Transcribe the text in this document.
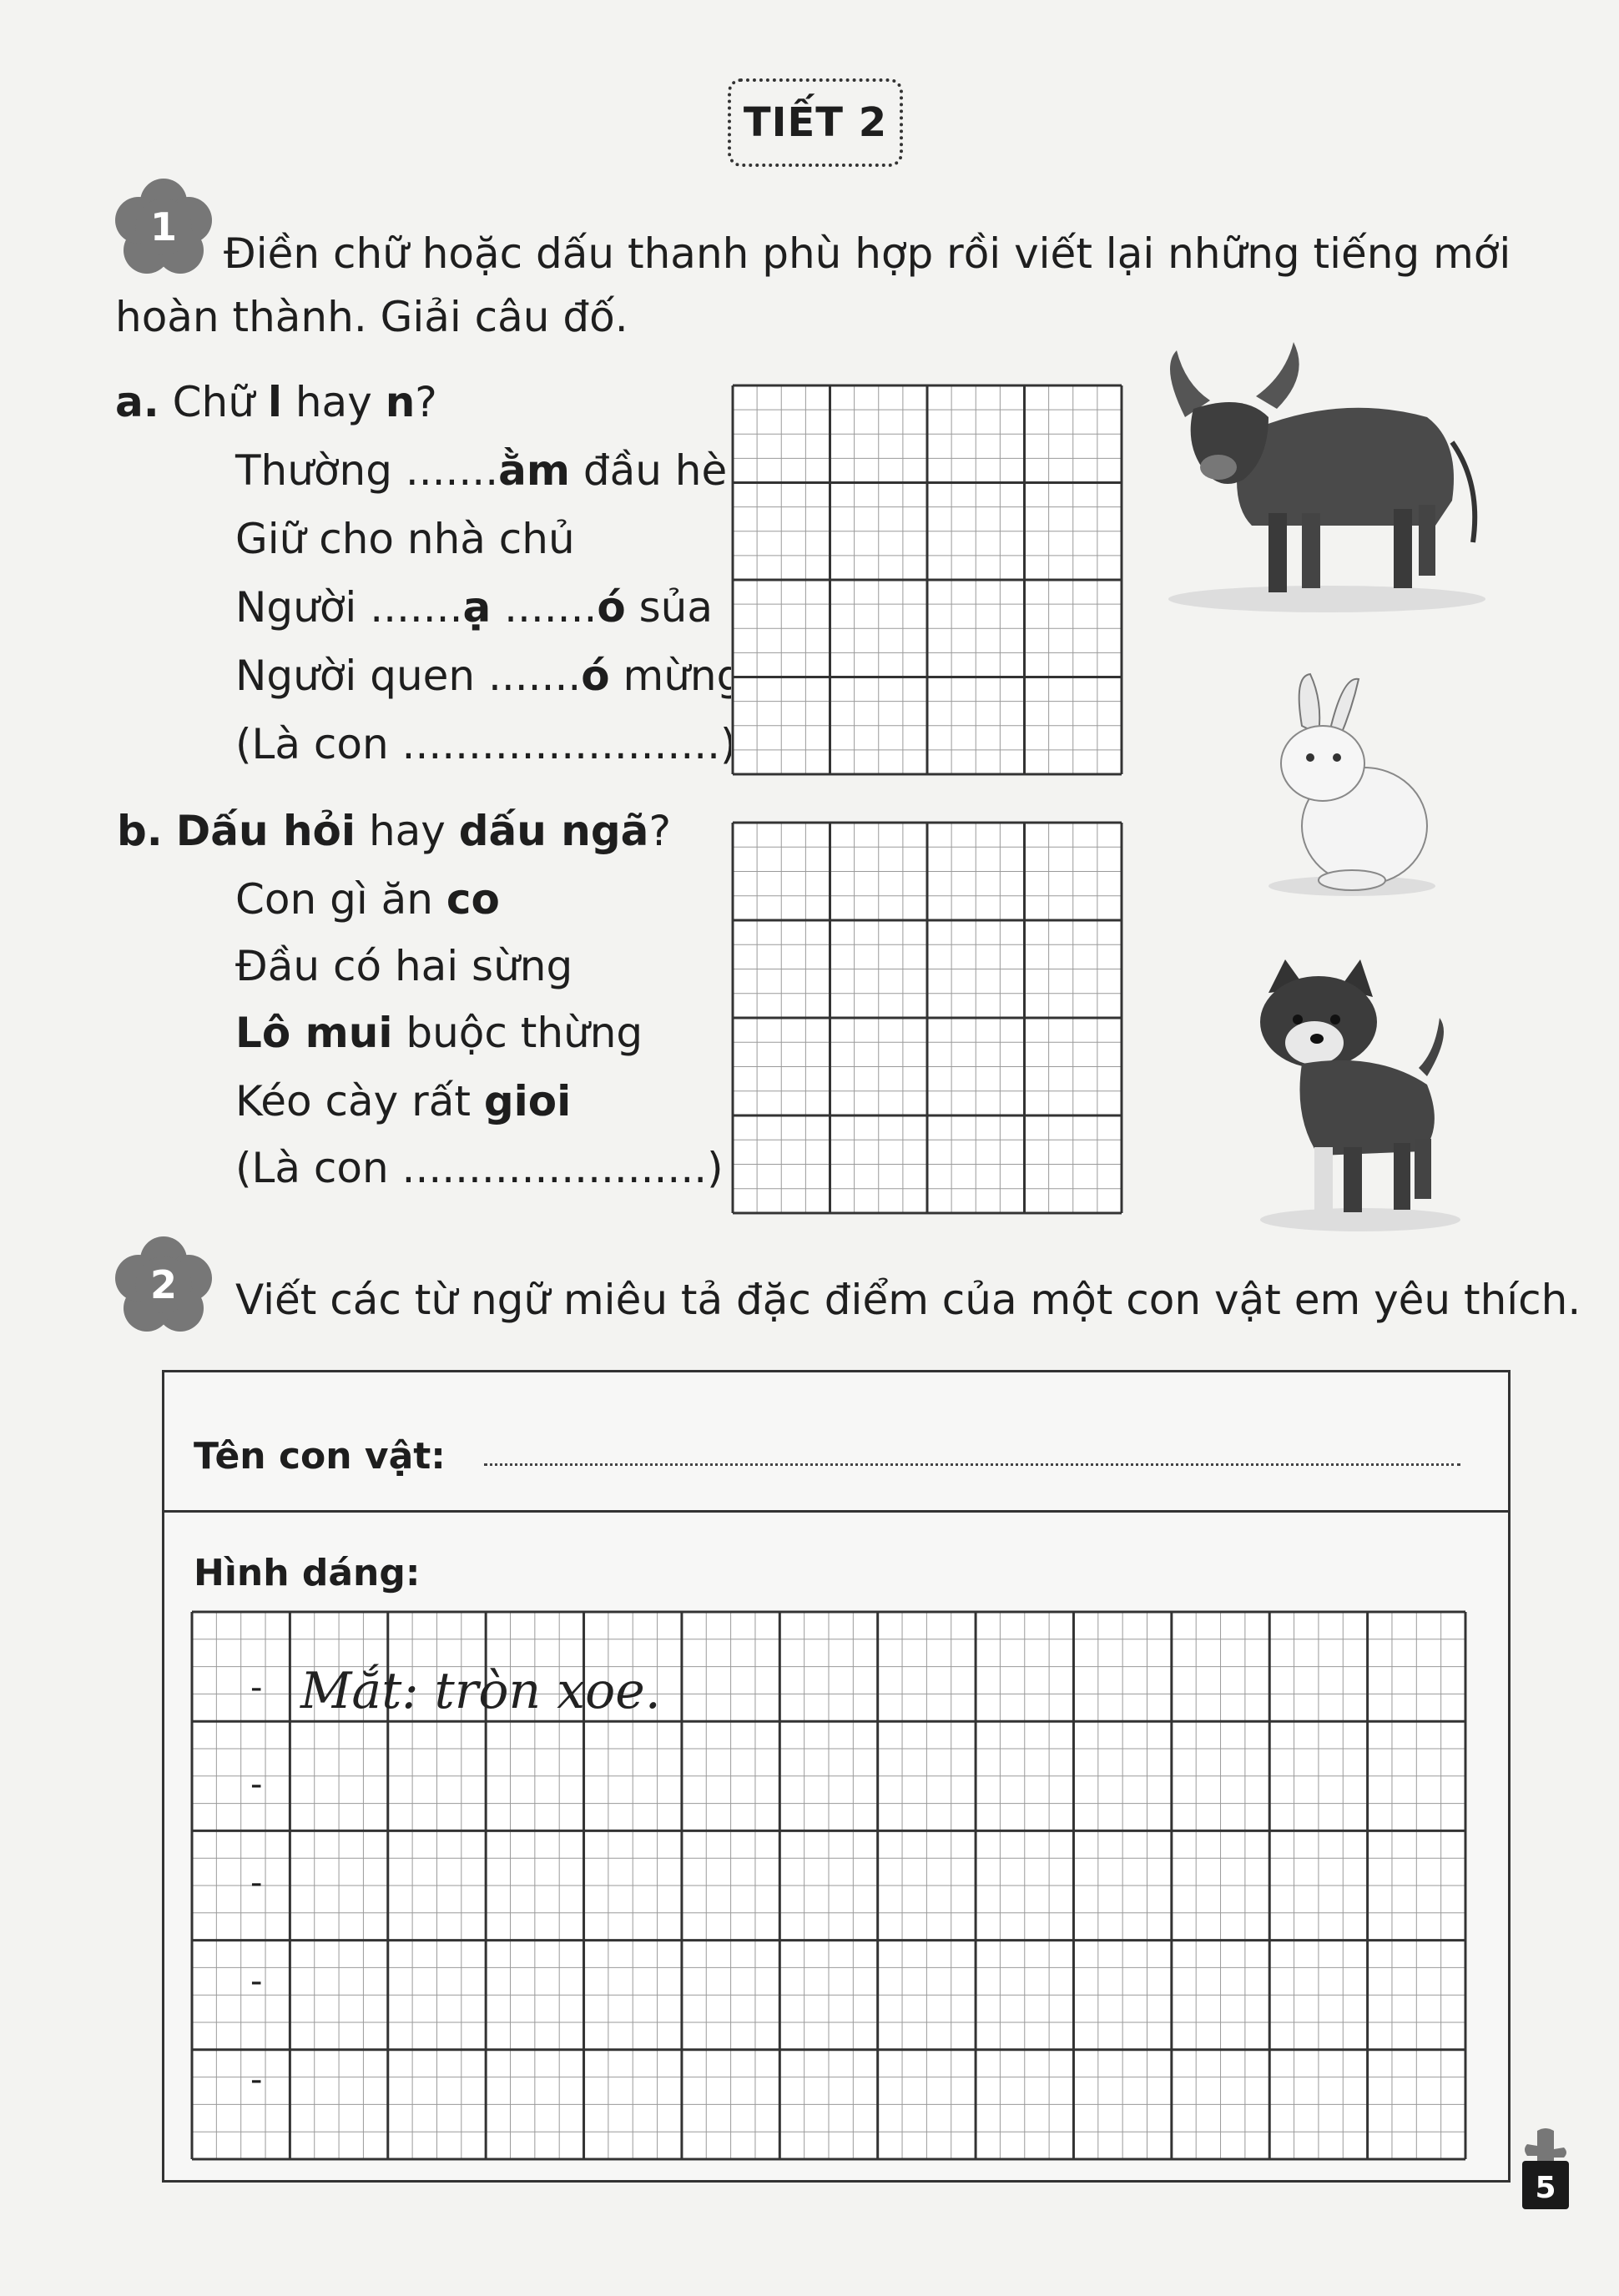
TIẾT 2
1
Điền chữ hoặc dấu thanh phù hợp rồi viết lại những tiếng mới
hoàn thành. Giải câu đố.
a. Chữ l hay n?
Thường .......ằm đầu hè
Giữ cho nhà chủ
Người .......ạ .......ó sủa
Người quen .......ó mừng
(Là con ........................)
b. Dấu hỏi hay dấu ngã?
Con gì ăn co
Đầu có hai sừng
Lô mui buộc thừng
Kéo cày rất gioi
(Là con .......................)
2 Viết các từ ngữ miêu tả đặc điểm của một con vật em yêu thích.
Tên con vật:
Hình dáng:
- Mắt: tròn xoe.
-
-
-
-
5
